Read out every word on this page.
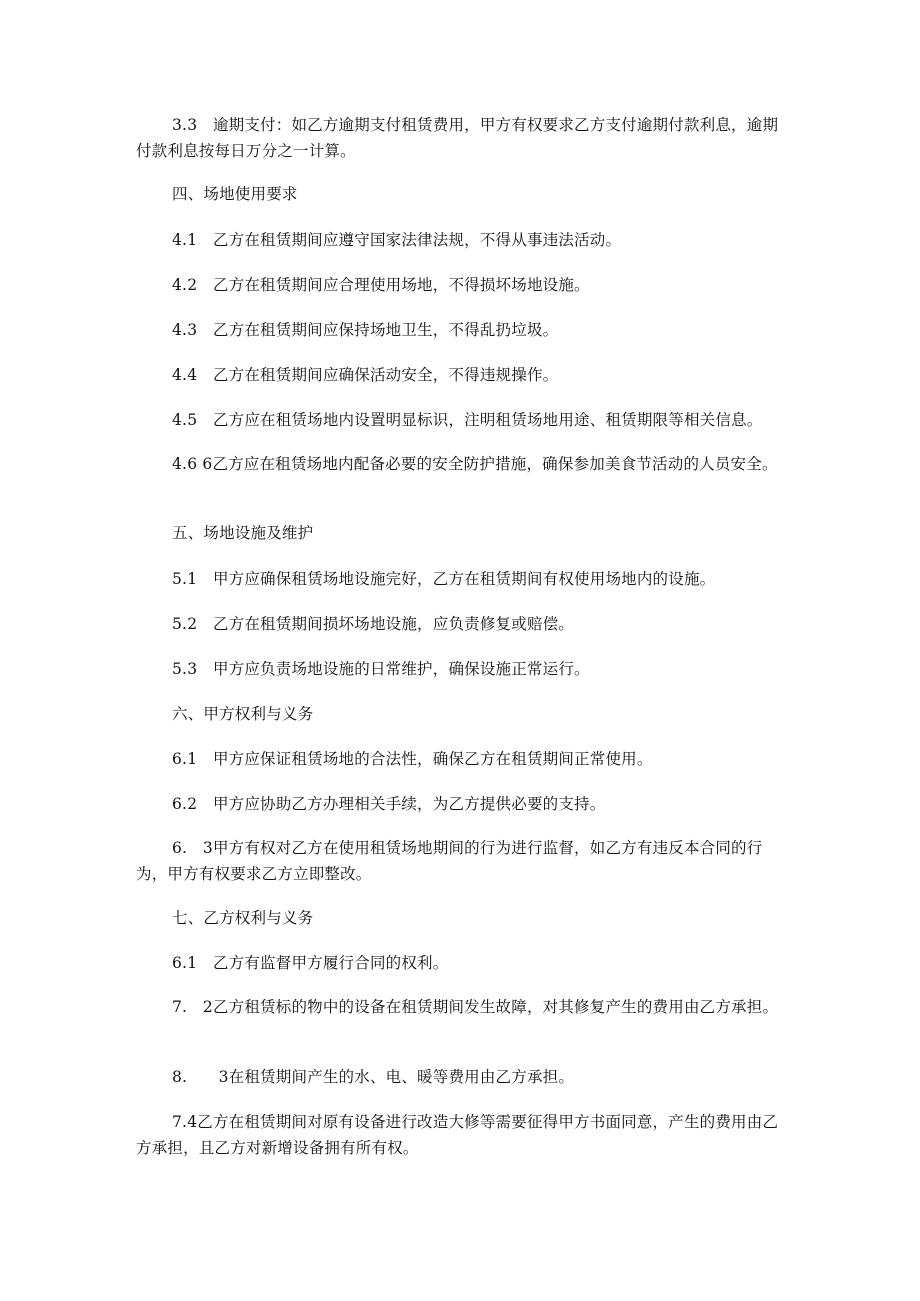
3.3　逾期支付：如乙方逾期支付租赁费用，甲方有权要求乙方支付逾期付款利息，逾期付款利息按每日万分之一计算。
四、场地使用要求
4.1　乙方在租赁期间应遵守国家法律法规，不得从事违法活动。
4.2　乙方在租赁期间应合理使用场地，不得损坏场地设施。
4.3　乙方在租赁期间应保持场地卫生，不得乱扔垃圾。
4.4　乙方在租赁期间应确保活动安全，不得违规操作。
4.5　乙方应在租赁场地内设置明显标识，注明租赁场地用途、租赁期限等相关信息。
4.6 6乙方应在租赁场地内配备必要的安全防护措施，确保参加美食节活动的人员安全。
五、场地设施及维护
5.1　甲方应确保租赁场地设施完好，乙方在租赁期间有权使用场地内的设施。
5.2　乙方在租赁期间损坏场地设施，应负责修复或赔偿。
5.3　甲方应负责场地设施的日常维护，确保设施正常运行。
六、甲方权利与义务
6.1　甲方应保证租赁场地的合法性，确保乙方在租赁期间正常使用。
6.2　甲方应协助乙方办理相关手续，为乙方提供必要的支持。
6.　3甲方有权对乙方在使用租赁场地期间的行为进行监督，如乙方有违反本合同的行为，甲方有权要求乙方立即整改。
七、乙方权利与义务
6.1　乙方有监督甲方履行合同的权利。
7.　2乙方租赁标的物中的设备在租赁期间发生故障，对其修复产生的费用由乙方承担。
8.　　3在租赁期间产生的水、电、暖等费用由乙方承担。
7.4乙方在租赁期间对原有设备进行改造大修等需要征得甲方书面同意，产生的费用由乙方承担，且乙方对新增设备拥有所有权。
